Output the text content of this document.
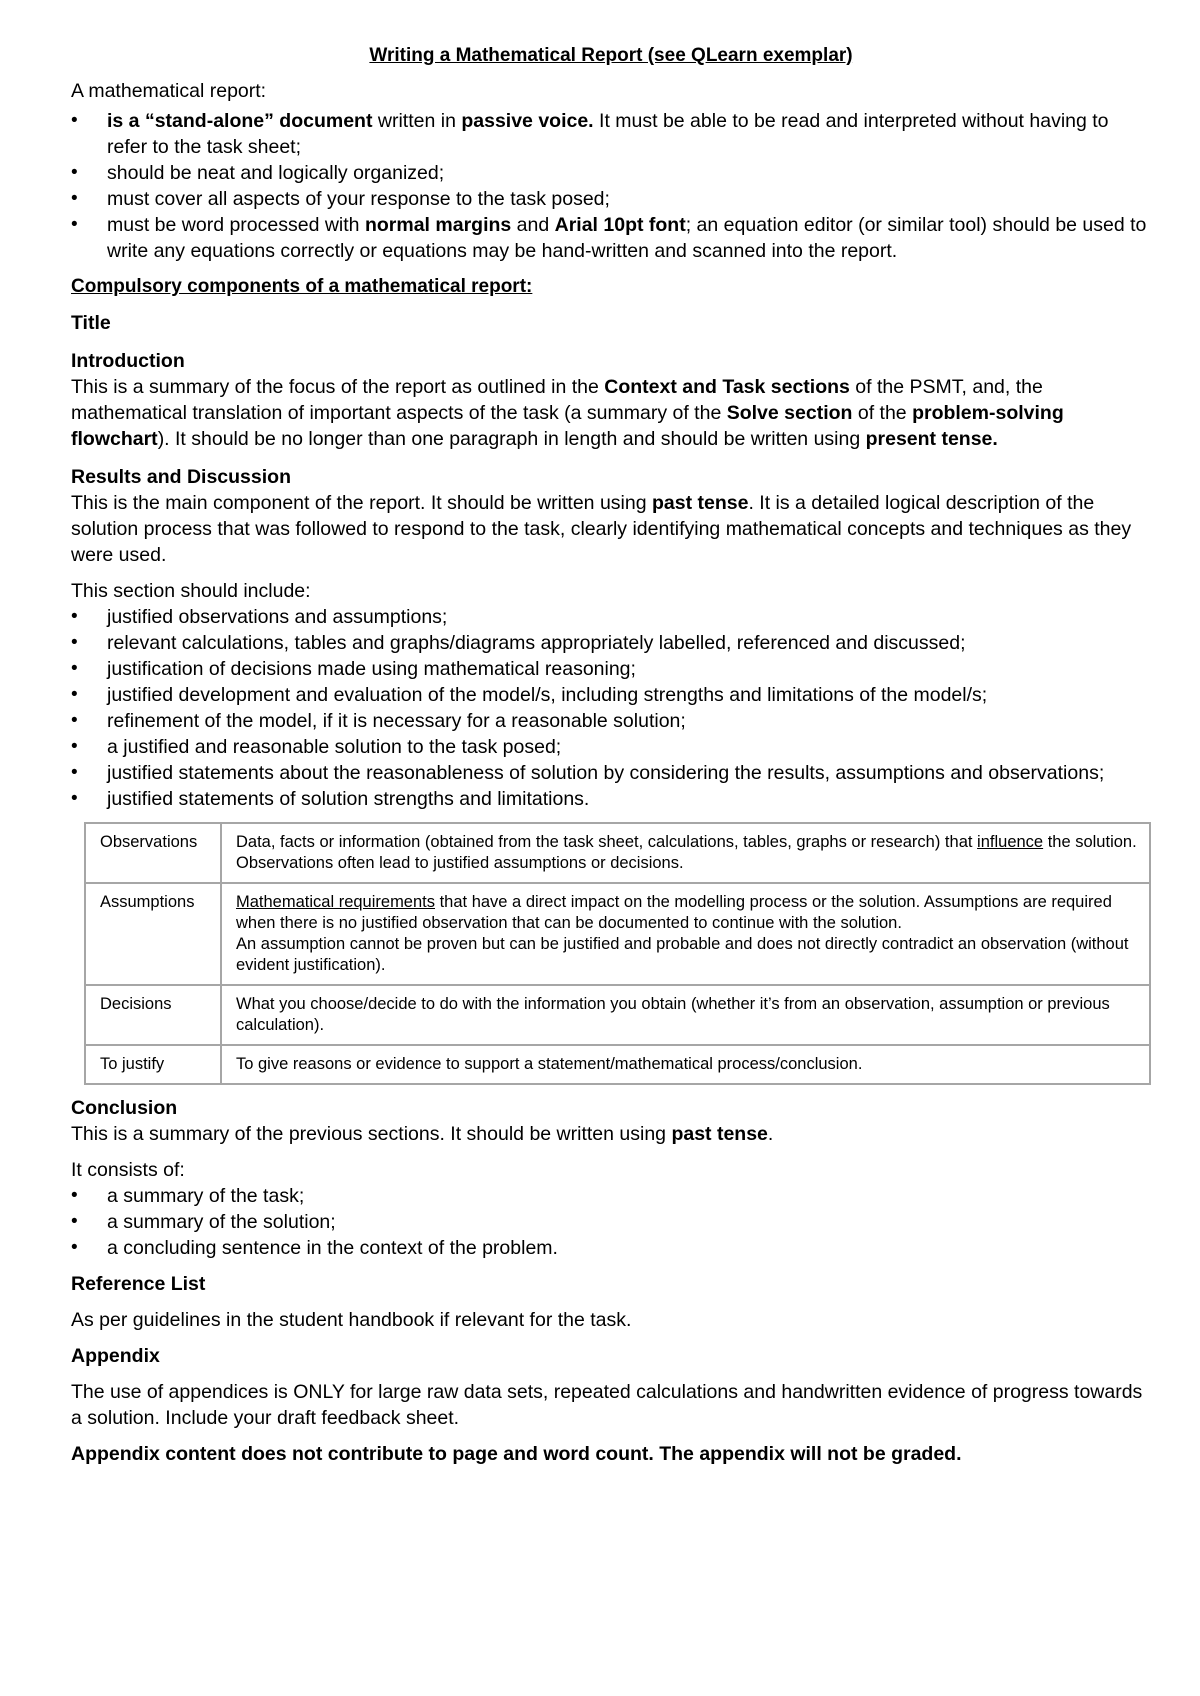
Writing a Mathematical Report (see QLearn exemplar)

A mathematical report:

• is a “stand-alone” document written in passive voice. It must be able to be read and interpreted without having to refer to the task sheet;
• should be neat and logically organized;
• must cover all aspects of your response to the task posed;
• must be word processed with normal margins and Arial 10pt font; an equation editor (or similar tool) should be used to write any equations correctly or equations may be hand-written and scanned into the report.
Compulsory components of a mathematical report:
Title
Introduction

This is a summary of the focus of the report as outlined in the Context and Task sections of the PSMT, and, the mathematical translation of important aspects of the task (a summary of the Solve section of the problem-solving flowchart). It should be no longer than one paragraph in length and should be written using present tense.

Results and Discussion

This is the main component of the report. It should be written using past tense. It is a detailed logical description of the solution process that was followed to respond to the task, clearly identifying mathematical concepts and techniques as they were used.

This section should include:

• justified observations and assumptions;
• relevant calculations, tables and graphs/diagrams appropriately labelled, referenced and discussed;
• justification of decisions made using mathematical reasoning;
• justified development and evaluation of the model/s, including strengths and limitations of the model/s;
• refinement of the model, if it is necessary for a reasonable solution;
• a justified and reasonable solution to the task posed;
• justified statements about the reasonableness of solution by considering the results, assumptions and observations;
• justified statements of solution strengths and limitations.
Observations	Data, facts or information (obtained from the task sheet, calculations, tables, graphs or research) that influence the solution. Observations often lead to justified assumptions or decisions.
Assumptions	Mathematical requirements that have a direct impact on the modelling process or the solution. Assumptions are required when there is no justified observation that can be documented to continue with the solution.
An assumption cannot be proven but can be justified and probable and does not directly contradict an observation (without evident justification).
Decisions	What you choose/decide to do with the information you obtain (whether it’s from an observation, assumption or previous calculation).
To justify	To give reasons or evidence to support a statement/mathematical process/conclusion.
Conclusion

This is a summary of the previous sections. It should be written using past tense.

It consists of:

• a summary of the task;
• a summary of the solution;
• a concluding sentence in the context of the problem.
Reference List

As per guidelines in the student handbook if relevant for the task.

Appendix

The use of appendices is ONLY for large raw data sets, repeated calculations and handwritten evidence of progress towards a solution. Include your draft feedback sheet.

Appendix content does not contribute to page and word count. The appendix will not be graded.
